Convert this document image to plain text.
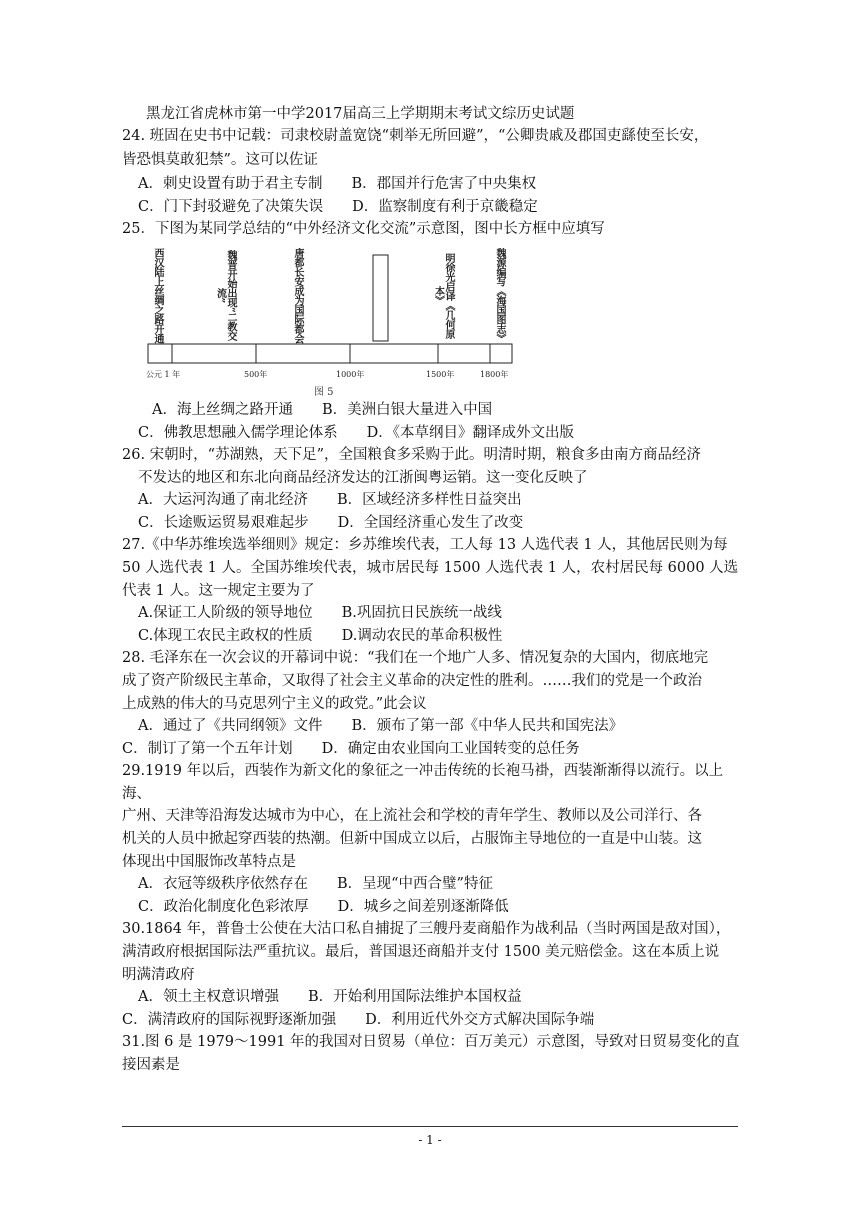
黑龙江省虎林市第一中学2017届高三上学期期末考试文综历史试题
24. 班固在史书中记载：司隶校尉盖宽饶“刺举无所回避”，“公卿贵戚及郡国吏繇使至长安，
皆恐惧莫敢犯禁”。这可以佐证
A．刺史设置有助于君主专制　　B．郡国并行危害了中央集权
C．门下封驳避免了决策失误　　D．监察制度有利于京畿稳定
25．下图为某同学总结的“中外经济文化交流”示意图，图中长方框中应填写
西汉陆上丝绸之路开通	魏晋开始出现“二教交流”	唐都长安成为国际都会	明徐光启译《几何原本》	魏源编写《海国图志》
公元 1 年	500年	1000年	1500年	1800年
图 5
A．海上丝绸之路开通　　B．美洲白银大量进入中国
C．佛教思想融入儒学理论体系　　D．《本草纲目》翻译成外文出版
26. 宋朝时，“苏湖熟，天下足”，全国粮食多采购于此。明清时期，粮食多由南方商品经济
不发达的地区和东北向商品经济发达的江浙闽粤运销。这一变化反映了
A．大运河沟通了南北经济　　B．区域经济多样性日益突出
C．长途贩运贸易艰难起步　　D．全国经济重心发生了改变
27.《中华苏维埃选举细则》规定：乡苏维埃代表，工人每 13 人选代表 1 人，其他居民则为每
50 人选代表 1 人。全国苏维埃代表，城市居民每 1500 人选代表 1 人，农村居民每 6000 人选
代表 1 人。这一规定主要为了
A.保证工人阶级的领导地位　　B.巩固抗日民族统一战线
C.体现工农民主政权的性质　　D.调动农民的革命积极性
28. 毛泽东在一次会议的开幕词中说：“我们在一个地广人多、情况复杂的大国内，彻底地完
成了资产阶级民主革命，又取得了社会主义革命的决定性的胜利。……我们的党是一个政治
上成熟的伟大的马克思列宁主义的政党。”此会议
A．通过了《共同纲领》文件　　B．颁布了第一部《中华人民共和国宪法》
C．制订了第一个五年计划　　D．确定由农业国向工业国转变的总任务
29.1919 年以后，西装作为新文化的象征之一冲击传统的长袍马褂，西装渐渐得以流行。以上
海、
广州、天津等沿海发达城市为中心，在上流社会和学校的青年学生、教师以及公司洋行、各
机关的人员中掀起穿西装的热潮。但新中国成立以后，占服饰主导地位的一直是中山装。这
体现出中国服饰改革特点是
A．衣冠等级秩序依然存在　　B．呈现“中西合璧”特征
C．政治化制度化色彩浓厚　　D．城乡之间差别逐渐降低
30.1864 年，普鲁士公使在大沽口私自捕捉了三艘丹麦商船作为战利品（当时两国是敌对国），
满清政府根据国际法严重抗议。最后，普国退还商船并支付 1500 美元赔偿金。这在本质上说
明满清政府
A．领土主权意识增强　　B．开始利用国际法维护本国权益
C．满清政府的国际视野逐渐加强　　D．利用近代外交方式解决国际争端
31.图 6 是 1979～1991 年的我国对日贸易（单位：百万美元）示意图，导致对日贸易变化的直
接因素是
- 1 -
